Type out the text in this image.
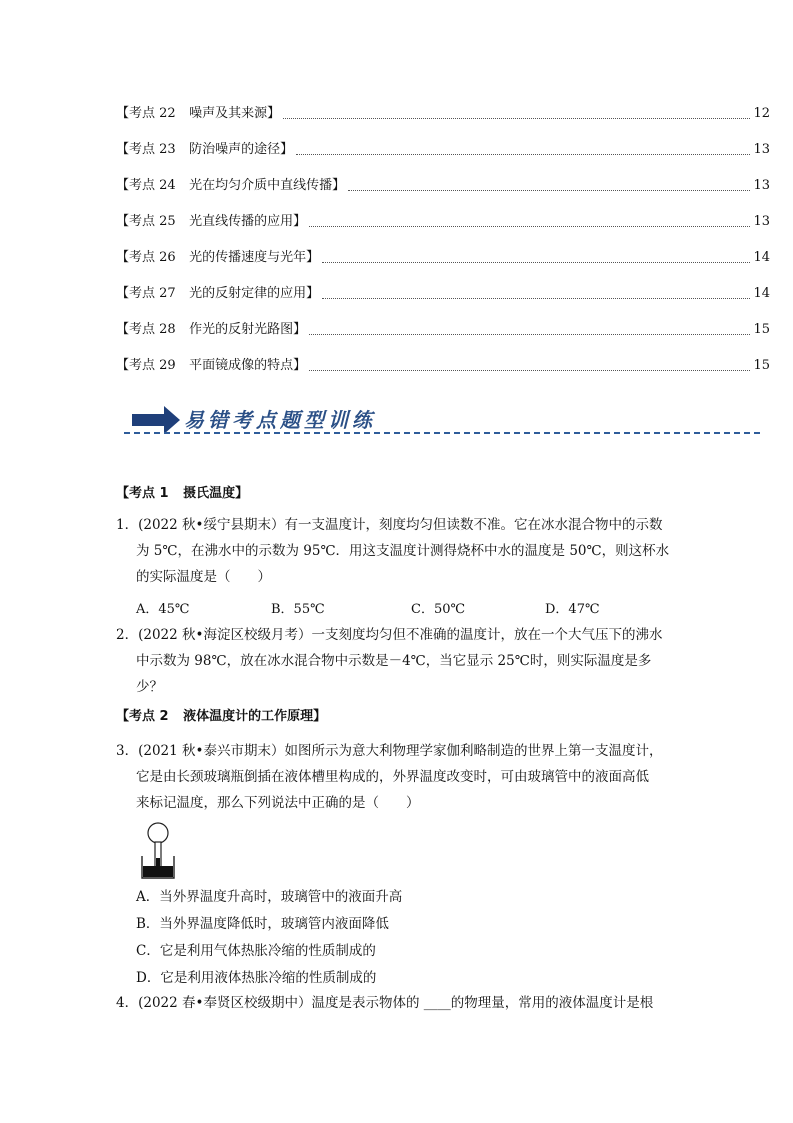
【考点 22 噪声及其来源】	12
【考点 23 防治噪声的途径】	13
【考点 24 光在均匀介质中直线传播】	13
【考点 25 光直线传播的应用】	13
【考点 26 光的传播速度与光年】	14
【考点 27 光的反射定律的应用】	14
【考点 28 作光的反射光路图】	15
【考点 29 平面镜成像的特点】	15
易错考点题型训练
【考点 1 摄氏温度】
1．(2022 秋•绥宁县期末）有一支温度计，刻度均匀但读数不准。它在冰水混合物中的示数
为 5℃，在沸水中的示数为 95℃．用这支温度计测得烧杯中水的温度是 50℃，则这杯水
的实际温度是（　　）
A．45℃	B．55℃	C．50℃	D．47℃
2．(2022 秋•海淀区校级月考）一支刻度均匀但不准确的温度计，放在一个大气压下的沸水
中示数为 98℃，放在冰水混合物中示数是－4℃，当它显示 25℃时，则实际温度是多少？
【考点 2 液体温度计的工作原理】
3．(2021 秋•泰兴市期末）如图所示为意大利物理学家伽利略制造的世界上第一支温度计，
它是由长颈玻璃瓶倒插在液体槽里构成的，外界温度改变时，可由玻璃管中的液面高低
来标记温度，那么下列说法中正确的是（　　）
A．当外界温度升高时，玻璃管中的液面升高
B．当外界温度降低时，玻璃管内液面降低
C．它是利用气体热胀冷缩的性质制成的
D．它是利用液体热胀冷缩的性质制成的
4．(2022 春•奉贤区校级期中）温度是表示物体的 ____的物理量，常用的液体温度计是根
